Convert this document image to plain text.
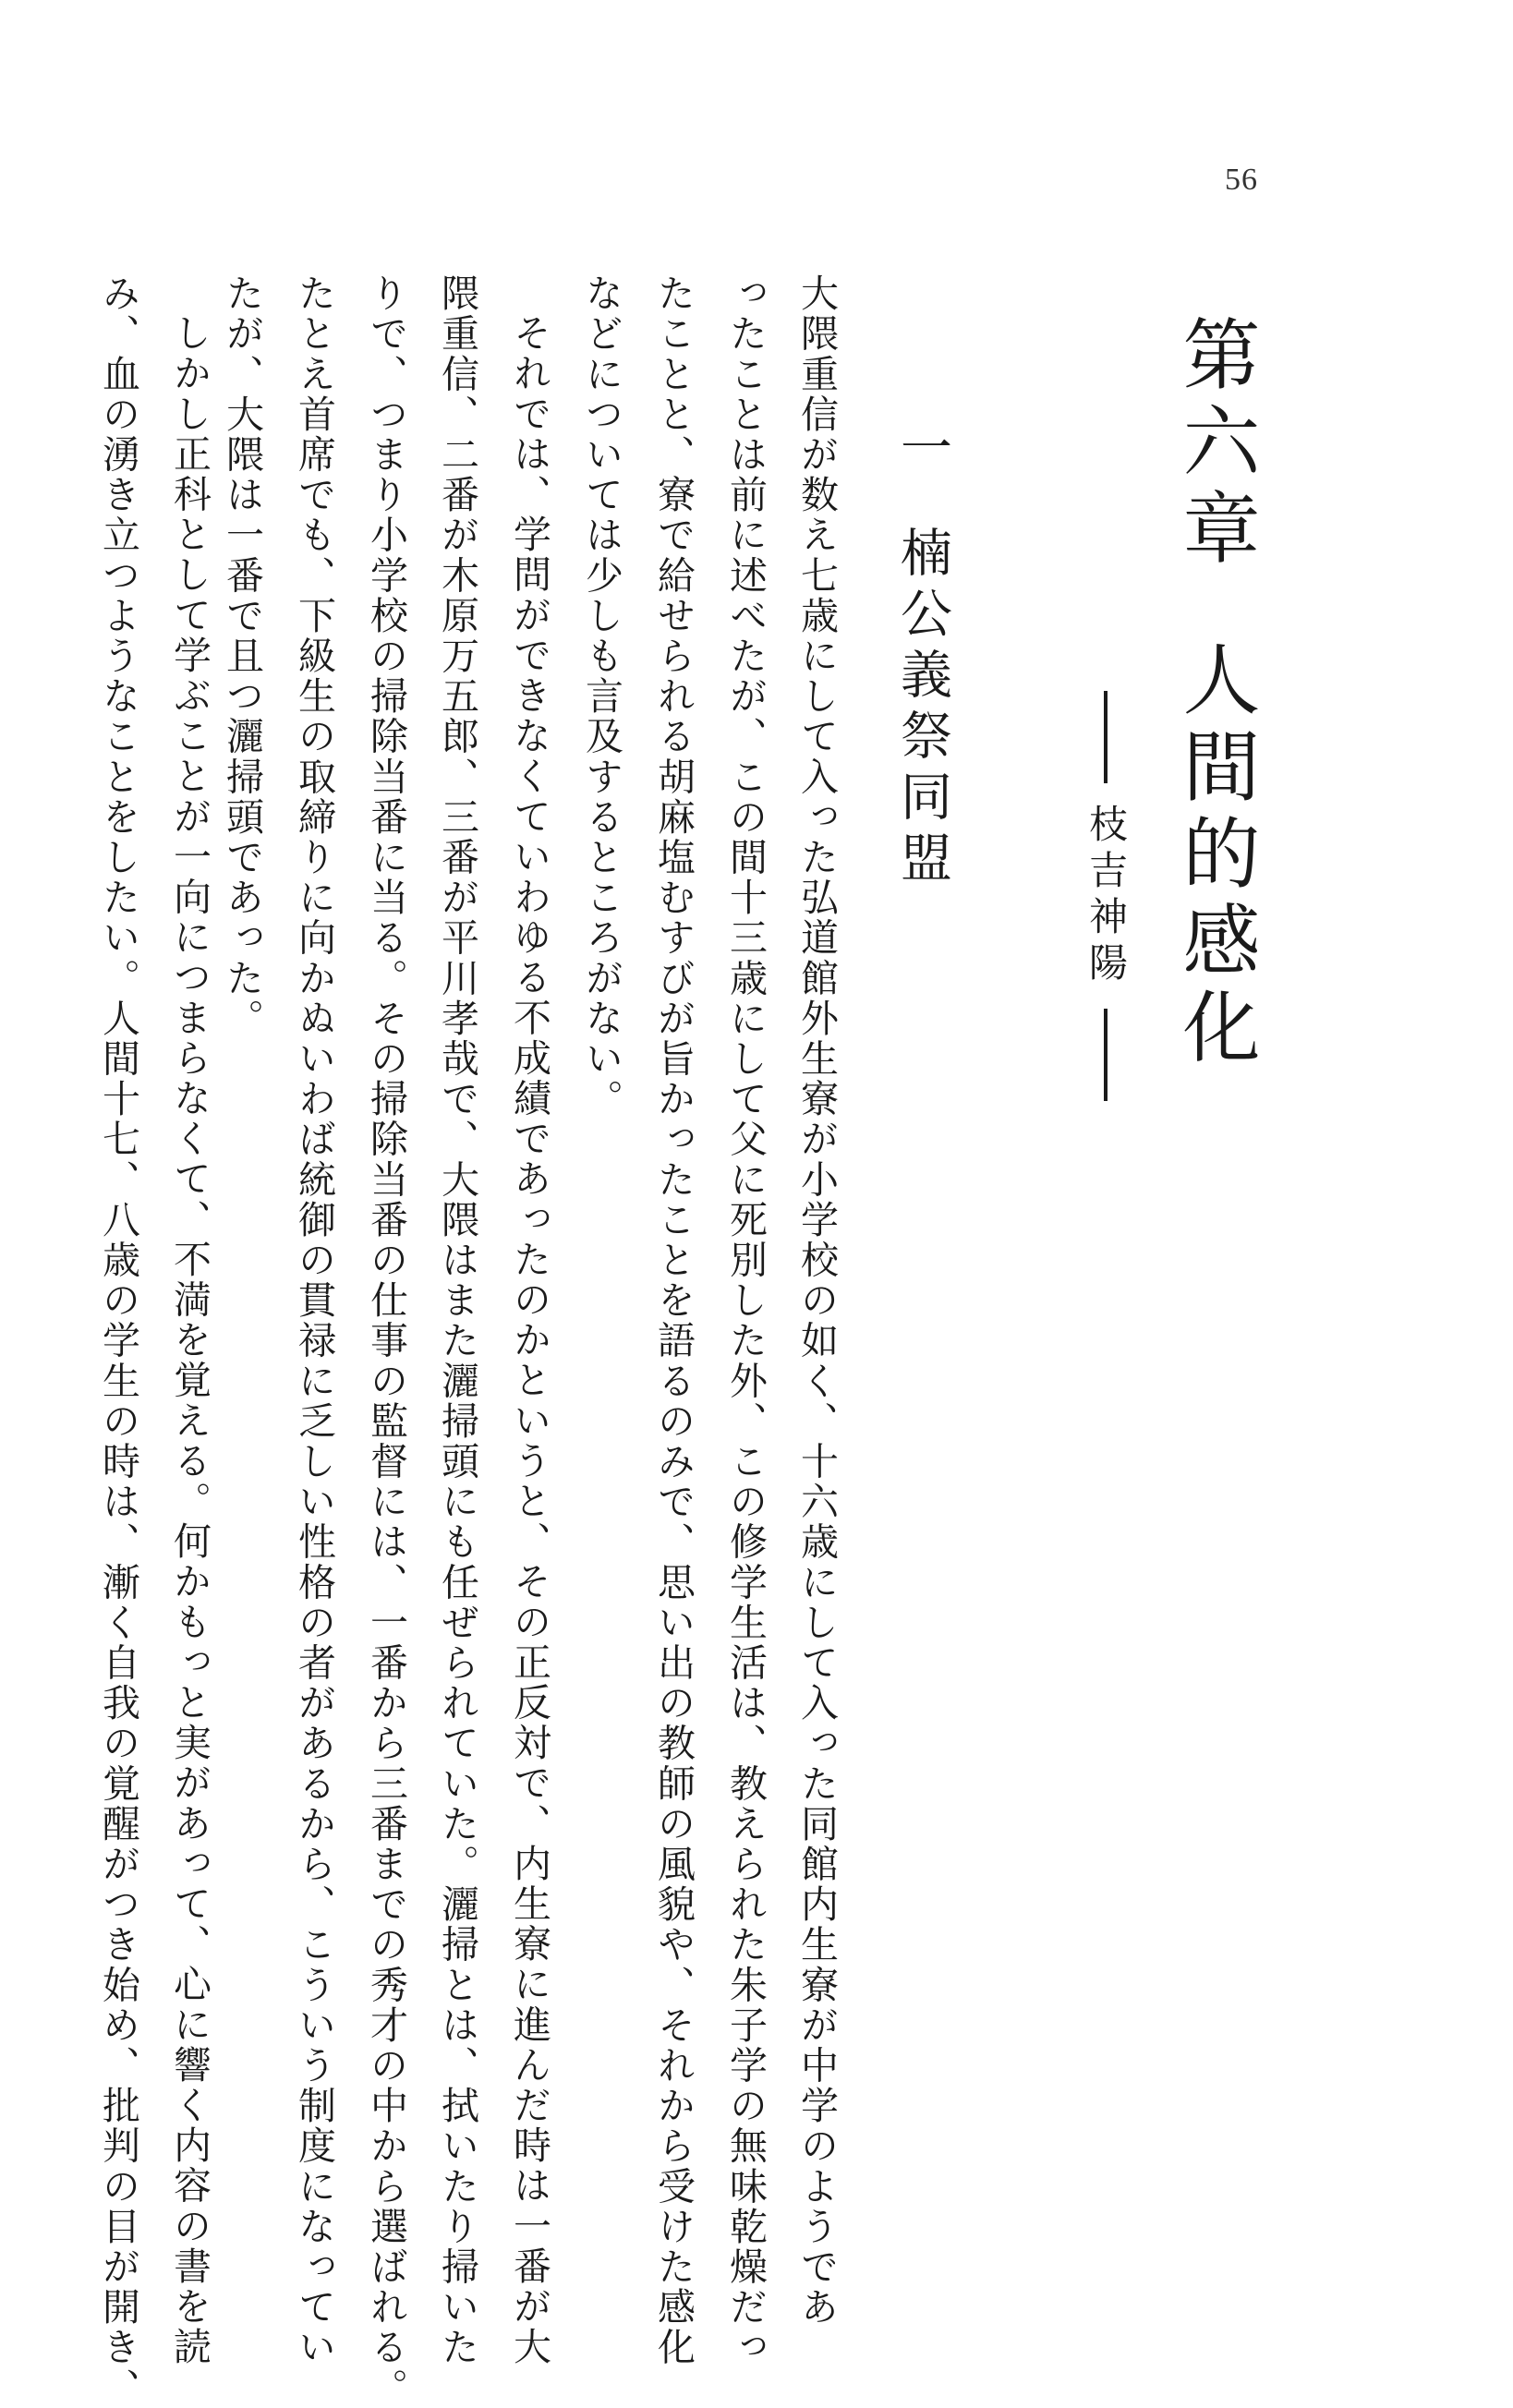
56
第六章人間的感化
枝吉神陽
一楠公義祭同盟
大隈重信が数え七歳にして入った弘道館外生寮が小学校の如く、十六歳にして入った同館内生寮が中学のようであ
ったことは前に述べたが、この間十三歳にして父に死別した外、この修学生活は、教えられた朱子学の無味乾燥だっ
たことと、寮で給せられる胡麻塩むすびが旨かったことを語るのみで、思い出の教師の風貌や、それから受けた感化
などについては少しも言及するところがない。
それでは、学問ができなくていわゆる不成績であったのかというと、その正反対で、内生寮に進んだ時は一番が大
隈重信、二番が木原万五郎、三番が平川孝哉で、大隈はまた灑掃頭にも任ぜられていた。灑掃とは、拭いたり掃いた
りで、つまり小学校の掃除当番に当る。その掃除当番の仕事の監督には、一番から三番までの秀才の中から選ばれる。
たとえ首席でも、下級生の取締りに向かぬいわば統御の貫禄に乏しい性格の者があるから、こういう制度になってい
たが、大隈は一番で且つ灑掃頭であった。
しかし正科として学ぶことが一向につまらなくて、不満を覚える。何かもっと実があって、心に響く内容の書を読
み、血の湧き立つようなことをしたい。人間十七、八歳の学生の時は、漸く自我の覚醒がつき始め、批判の目が開き、
